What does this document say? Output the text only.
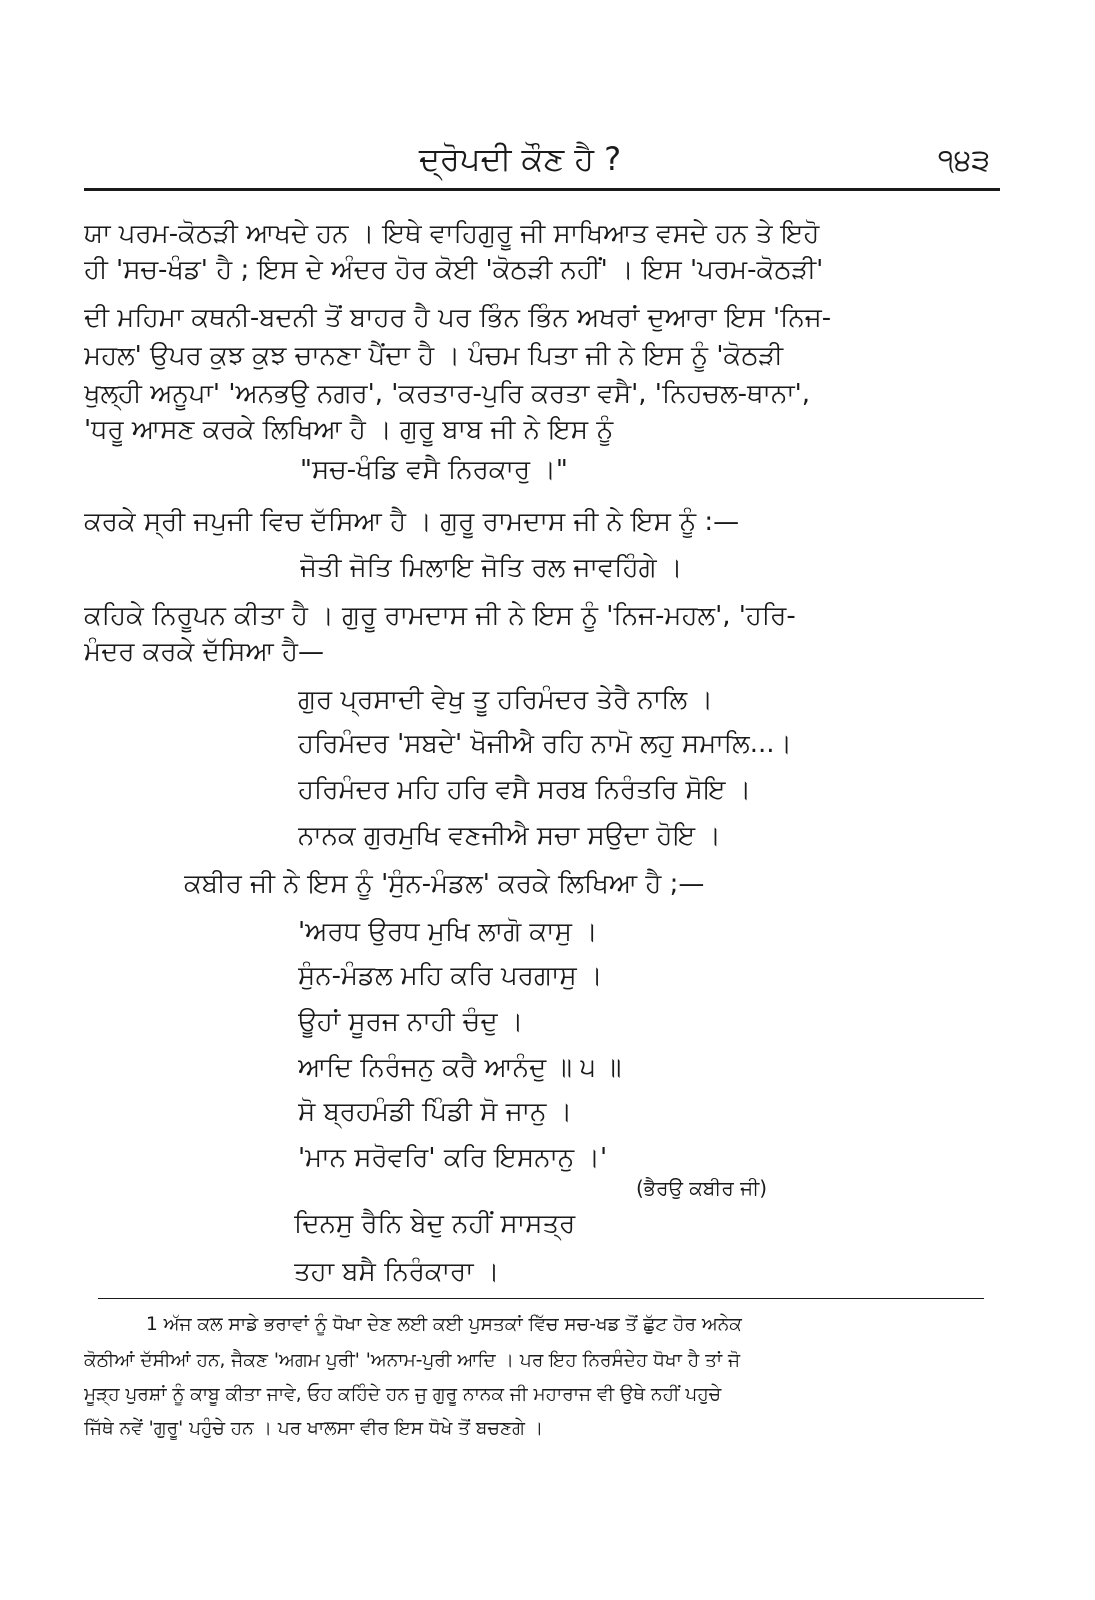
ਦ੍ਰੋਪਦੀ ਕੌਣ ਹੈ ?	੧੪੩
ਯਾ ਪਰਮ-ਕੋਠੜੀ ਆਖਦੇ ਹਨ । ਇਥੇ ਵਾਹਿਗੁਰੂ ਜੀ ਸਾਖਿਆਤ ਵਸਦੇ ਹਨ ਤੇ ਇਹੋ
ਹੀ 'ਸਚ-ਖੰਡ' ਹੈ ; ਇਸ ਦੇ ਅੰਦਰ ਹੋਰ ਕੋਈ 'ਕੋਠੜੀ ਨਹੀਂ' । ਇਸ 'ਪਰਮ-ਕੋਠੜੀ'
ਦੀ ਮਹਿਮਾ ਕਥਨੀ-ਬਦਨੀ ਤੋਂ ਬਾਹਰ ਹੈ ਪਰ ਭਿੰਨ ਭਿੰਨ ਅਖਰਾਂ ਦੁਆਰਾ ਇਸ 'ਨਿਜ-
ਮਹਲ' ਉਪਰ ਕੁਝ ਕੁਝ ਚਾਨਣਾ ਪੈਂਦਾ ਹੈ । ਪੰਚਮ ਪਿਤਾ ਜੀ ਨੇ ਇਸ ਨੂੰ 'ਕੋਠੜੀ
ਖੁਲ੍ਹੀ ਅਨੂਪਾ' 'ਅਨਭਉ ਨਗਰ', 'ਕਰਤਾਰ-ਪੁਰਿ ਕਰਤਾ ਵਸੈ', 'ਨਿਹਚਲ-ਥਾਨਾ',
'ਧਰੂ ਆਸਣ ਕਰਕੇ ਲਿਖਿਆ ਹੈ । ਗੁਰੂ ਬਾਬ ਜੀ ਨੇ ਇਸ ਨੂੰ
"ਸਚ-ਖੰਡਿ ਵਸੈ ਨਿਰਕਾਰੁ ।"
ਕਰਕੇ ਸ੍ਰੀ ਜਪੁਜੀ ਵਿਚ ਦੱਸਿਆ ਹੈ । ਗੁਰੂ ਰਾਮਦਾਸ ਜੀ ਨੇ ਇਸ ਨੂੰ :—
ਜੋਤੀ ਜੋਤਿ ਮਿਲਾਇ ਜੋਤਿ ਰਲ ਜਾਵਹਿੰਗੇ ।
ਕਹਿਕੇ ਨਿਰੂਪਨ ਕੀਤਾ ਹੈ । ਗੁਰੂ ਰਾਮਦਾਸ ਜੀ ਨੇ ਇਸ ਨੂੰ 'ਨਿਜ-ਮਹਲ', 'ਹਰਿ-
ਮੰਦਰ ਕਰਕੇ ਦੱਸਿਆ ਹੈ—
ਗੁਰ ਪ੍ਰਸਾਦੀ ਵੇਖੁ ਤੂ ਹਰਿਮੰਦਰ ਤੇਰੈ ਨਾਲਿ ।
ਹਰਿਮੰਦਰ 'ਸਬਦੇ' ਖੋਜੀਐ ਰਹਿ ਨਾਮੋ ਲਹੁ ਸਮਾਲਿ...।
ਹਰਿਮੰਦਰ ਮਹਿ ਹਰਿ ਵਸੈ ਸਰਬ ਨਿਰੰਤਰਿ ਸੋਇ ।
ਨਾਨਕ ਗੁਰਮੁਖਿ ਵਣਜੀਐ ਸਚਾ ਸਉਦਾ ਹੋਇ ।
ਕਬੀਰ ਜੀ ਨੇ ਇਸ ਨੂੰ 'ਸੁੰਨ-ਮੰਡਲ' ਕਰਕੇ ਲਿਖਿਆ ਹੈ ;—
'ਅਰਧ ਉਰਧ ਮੁਖਿ ਲਾਗੋ ਕਾਸੁ ।
ਸੁੰਨ-ਮੰਡਲ ਮਹਿ ਕਰਿ ਪਰਗਾਸੁ ।
ਊਹਾਂ ਸੂਰਜ ਨਾਹੀ ਚੰਦੁ ।
ਆਦਿ ਨਿਰੰਜਨੁ ਕਰੈ ਆਨੰਦੁ ॥ ੫ ॥
ਸੋ ਬ੍ਰਹਮੰਡੀ ਪਿੰਡੀ ਸੋ ਜਾਨੁ ।
'ਮਾਨ ਸਰੋਵਰਿ' ਕਰਿ ਇਸਨਾਨੁ ।'
(ਭੈਰਉ ਕਬੀਰ ਜੀ)
ਦਿਨਸੁ ਰੈਨਿ ਬੇਦੁ ਨਹੀਂ ਸਾਸਤ੍ਰ
ਤਹਾ ਬਸੈ ਨਿਰੰਕਾਰਾ ।
1 ਅੱਜ ਕਲ ਸਾਡੇ ਭਰਾਵਾਂ ਨੂੰ ਧੋਖਾ ਦੇਣ ਲਈ ਕਈ ਪੁਸਤਕਾਂ ਵਿੱਚ ਸਚ-ਖਡ ਤੋਂ ਛੁੱਟ ਹੋਰ ਅਨੇਕ
ਕੋਠੀਆਂ ਦੱਸੀਆਂ ਹਨ, ਜੈਕਣ 'ਅਗਮ ਪੁਰੀ' 'ਅਨਾਮ-ਪੁਰੀ ਆਦਿ । ਪਰ ਇਹ ਨਿਰਸੰਦੇਹ ਧੋਖਾ ਹੈ ਤਾਂ ਜੋ
ਮੂੜ੍ਹ ਪੁਰਸ਼ਾਂ ਨੂੰ ਕਾਬੂ ਕੀਤਾ ਜਾਵੇ, ਓਹ ਕਹਿੰਦੇ ਹਨ ਜੁ ਗੁਰੂ ਨਾਨਕ ਜੀ ਮਹਾਰਾਜ ਵੀ ਉਥੇ ਨਹੀਂ ਪਹੁਚੇ
ਜਿੱਥੇ ਨਵੇਂ 'ਗੁਰੂ' ਪਹੁੰਚੇ ਹਨ । ਪਰ ਖਾਲਸਾ ਵੀਰ ਇਸ ਧੋਖੇ ਤੋਂ ਬਚਣਗੇ ।
